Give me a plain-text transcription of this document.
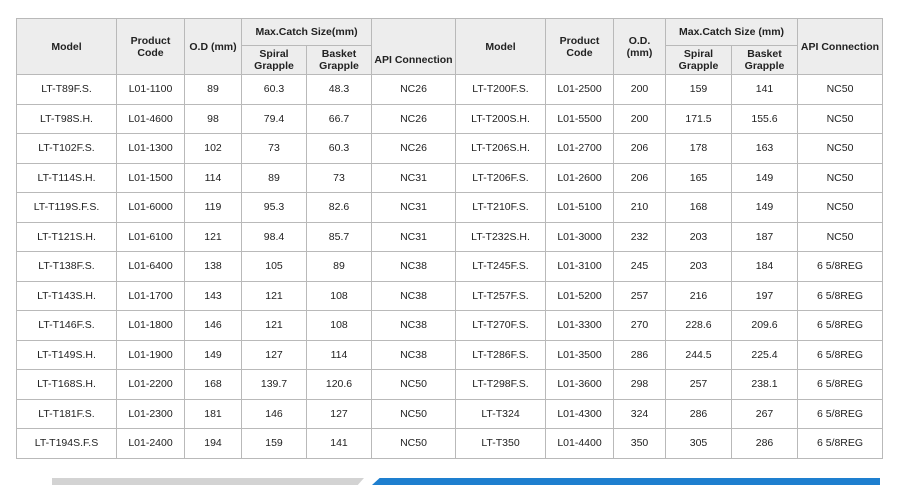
Model	Product Code	O.D (mm)	Max.Catch Size(mm)			Model	Product Code	O.D. (mm)	Max.Catch Size (mm)		API Connection
			Spiral Grapple	Basket Grapple	API Connection				Spiral Grapple	Basket Grapple	
LT-T89F.S.	L01-1100	89	60.3	48.3	NC26	LT-T200F.S.	L01-2500	200	159	141	NC50
LT-T98S.H.	L01-4600	98	79.4	66.7	NC26	LT-T200S.H.	L01-5500	200	171.5	155.6	NC50
LT-T102F.S.	L01-1300	102	73	60.3	NC26	LT-T206S.H.	L01-2700	206	178	163	NC50
LT-T114S.H.	L01-1500	114	89	73	NC31	LT-T206F.S.	L01-2600	206	165	149	NC50
LT-T119S.F.S.	L01-6000	119	95.3	82.6	NC31	LT-T210F.S.	L01-5100	210	168	149	NC50
LT-T121S.H.	L01-6100	121	98.4	85.7	NC31	LT-T232S.H.	L01-3000	232	203	187	NC50
LT-T138F.S.	L01-6400	138	105	89	NC38	LT-T245F.S.	L01-3100	245	203	184	6 5/8REG
LT-T143S.H.	L01-1700	143	121	108	NC38	LT-T257F.S.	L01-5200	257	216	197	6 5/8REG
LT-T146F.S.	L01-1800	146	121	108	NC38	LT-T270F.S.	L01-3300	270	228.6	209.6	6 5/8REG
LT-T149S.H.	L01-1900	149	127	114	NC38	LT-T286F.S.	L01-3500	286	244.5	225.4	6 5/8REG
LT-T168S.H.	L01-2200	168	139.7	120.6	NC50	LT-T298F.S.	L01-3600	298	257	238.1	6 5/8REG
LT-T181F.S.	L01-2300	181	146	127	NC50	LT-T324	L01-4300	324	286	267	6 5/8REG
LT-T194S.F.S	L01-2400	194	159	141	NC50	LT-T350	L01-4400	350	305	286	6 5/8REG
